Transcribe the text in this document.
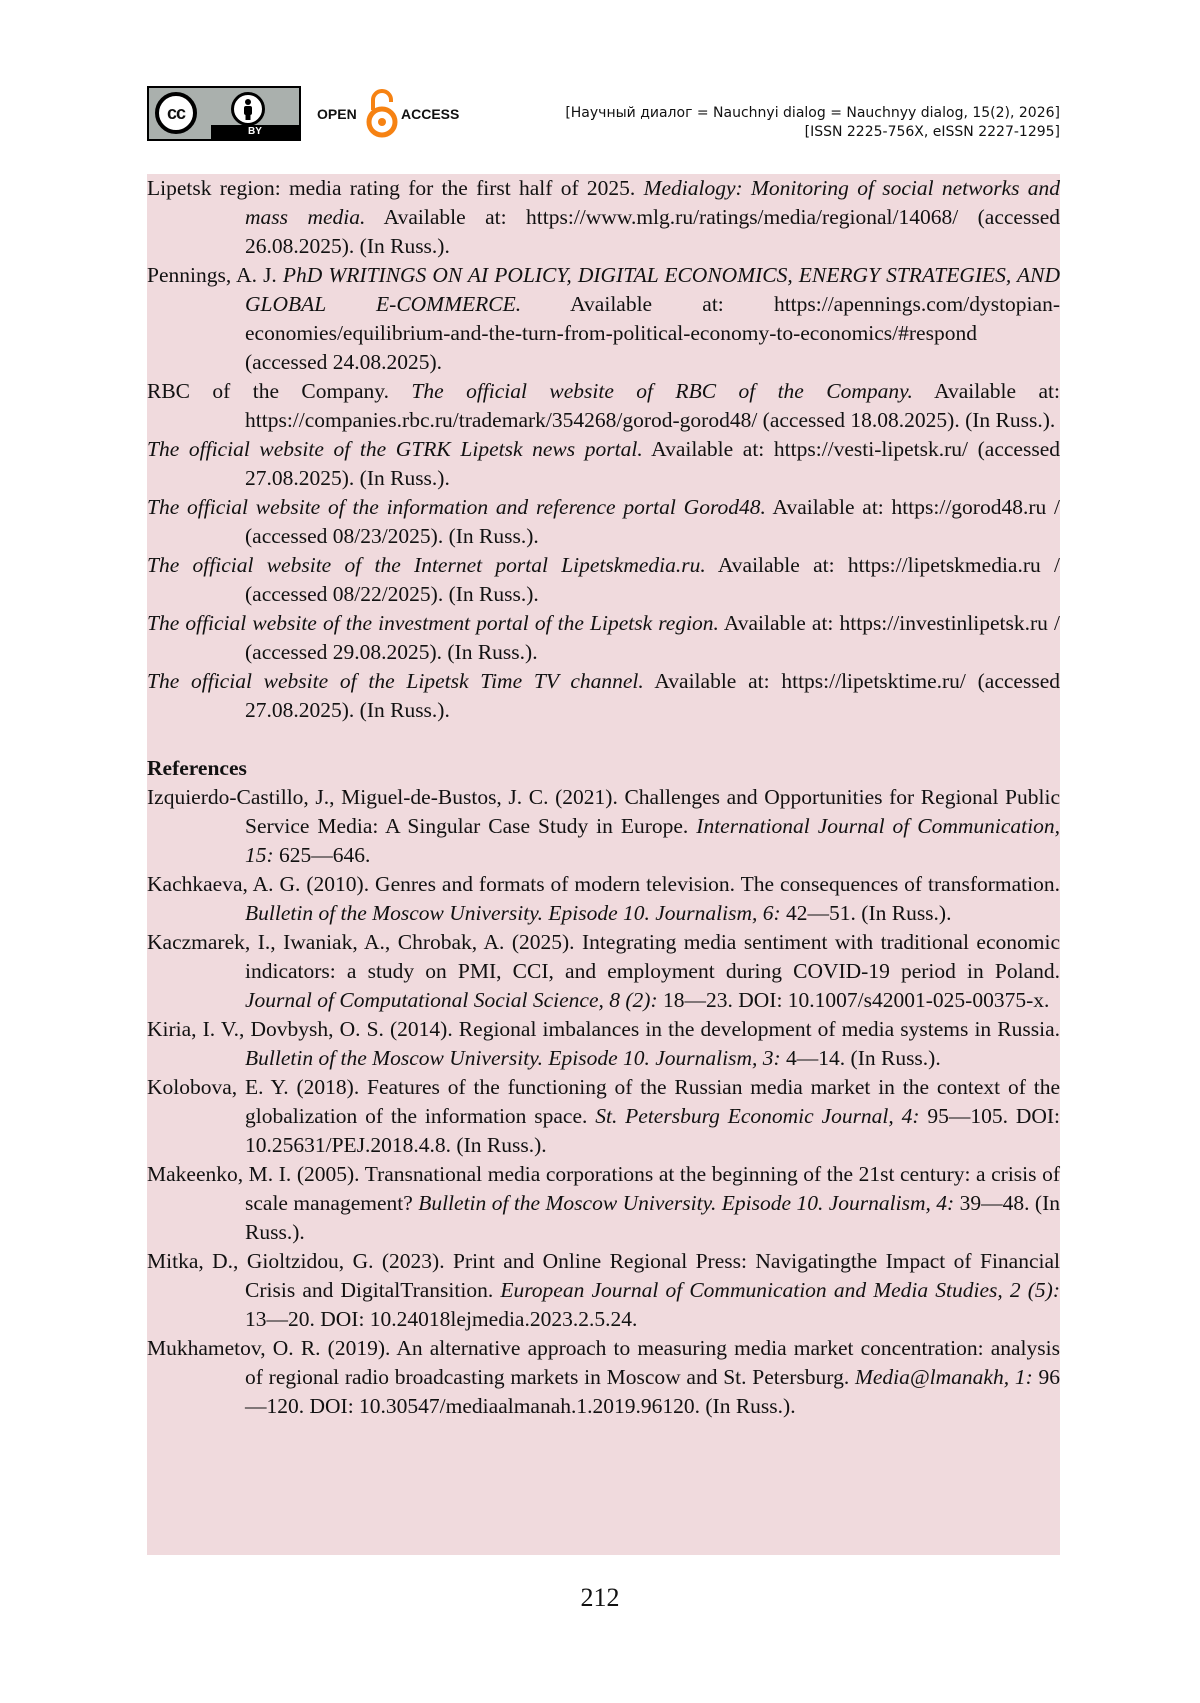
cc
BY
OPEN	ACCESS	[Научный диалог = Nauchnyi dialog = Nauchnyy dialog, 15(2), 2026]
[ISSN 2225-756X, eISSN 2227-1295]

Lipetsk region: media rating for the first half of 2025. Medialogy: Monitoring of social networks and mass media. Available at: https://www.mlg.ru/ratings/media/regional/14068/ (accessed 26.08.2025). (In Russ.).

Pennings, A. J. PhD WRITINGS ON AI POLICY, DIGITAL ECONOMICS, ENERGY STRATEGIES, AND GLOBAL E-COMMERCE. Available at: https://apennings.com/dystopian-economies/equilibrium-and-the-turn-from-political-economy-to-economics/#respond (accessed 24.08.2025).

RBC of the Company. The official website of RBC of the Company. Available at: https://companies.rbc.ru/trademark/354268/gorod-gorod48/ (accessed 18.08.2025). (In Russ.).

The official website of the GTRK Lipetsk news portal. Available at: https://vesti-lipetsk.ru/ (accessed 27.08.2025). (In Russ.).

The official website of the information and reference portal Gorod48. Available at: https://gorod48.ru / (accessed 08/23/2025). (In Russ.).

The official website of the Internet portal Lipetskmedia.ru. Available at: https://lipetskmedia.ru / (accessed 08/22/2025). (In Russ.).

The official website of the investment portal of the Lipetsk region. Available at: https://investinlipetsk.ru / (accessed 29.08.2025). (In Russ.).

The official website of the Lipetsk Time TV channel. Available at: https://lipetsktime.ru/ (accessed 27.08.2025). (In Russ.).

References

Izquierdo-Castillo, J., Miguel-de-Bustos, J. C. (2021). Challenges and Opportunities for Regional Public Service Media: A Singular Case Study in Europe. International Journal of Communication, 15: 625—646.

Kachkaeva, A. G. (2010). Genres and formats of modern television. The consequences of transformation. Bulletin of the Moscow University. Episode 10. Journalism, 6: 42—51. (In Russ.).

Kaczmarek, I., Iwaniak, A., Chrobak, A. (2025). Integrating media sentiment with traditional economic indicators: a study on PMI, CCI, and employment during COVID-19 period in Poland. Journal of Computational Social Science, 8 (2): 18—23. DOI: 10.1007/s42001-025-00375-x.

Kiria, I. V., Dovbysh, O. S. (2014). Regional imbalances in the development of media systems in Russia. Bulletin of the Moscow University. Episode 10. Journalism, 3: 4—14. (In Russ.).

Kolobova, E. Y. (2018). Features of the functioning of the Russian media market in the context of the globalization of the information space. St. Petersburg Economic Journal, 4: 95—105. DOI: 10.25631/PEJ.2018.4.8. (In Russ.).

Makeenko, M. I. (2005). Transnational media corporations at the beginning of the 21st century: a crisis of scale management? Bulletin of the Moscow University. Episode 10. Journalism, 4: 39—48. (In Russ.).

Mitka, D., Gioltzidou, G. (2023). Print and Online Regional Press: Navigatingthe Impact of Financial Crisis and DigitalTransition. European Journal of Communication and Media Studies, 2 (5): 13—20. DOI: 10.24018lejmedia.2023.2.5.24.

Mukhametov, O. R. (2019). An alternative approach to measuring media market concentration: analysis of regional radio broadcasting markets in Moscow and St. Petersburg. Media@lmanakh, 1: 96—120. DOI: 10.30547/mediaalmanah.1.2019.96120. (In Russ.).

212
